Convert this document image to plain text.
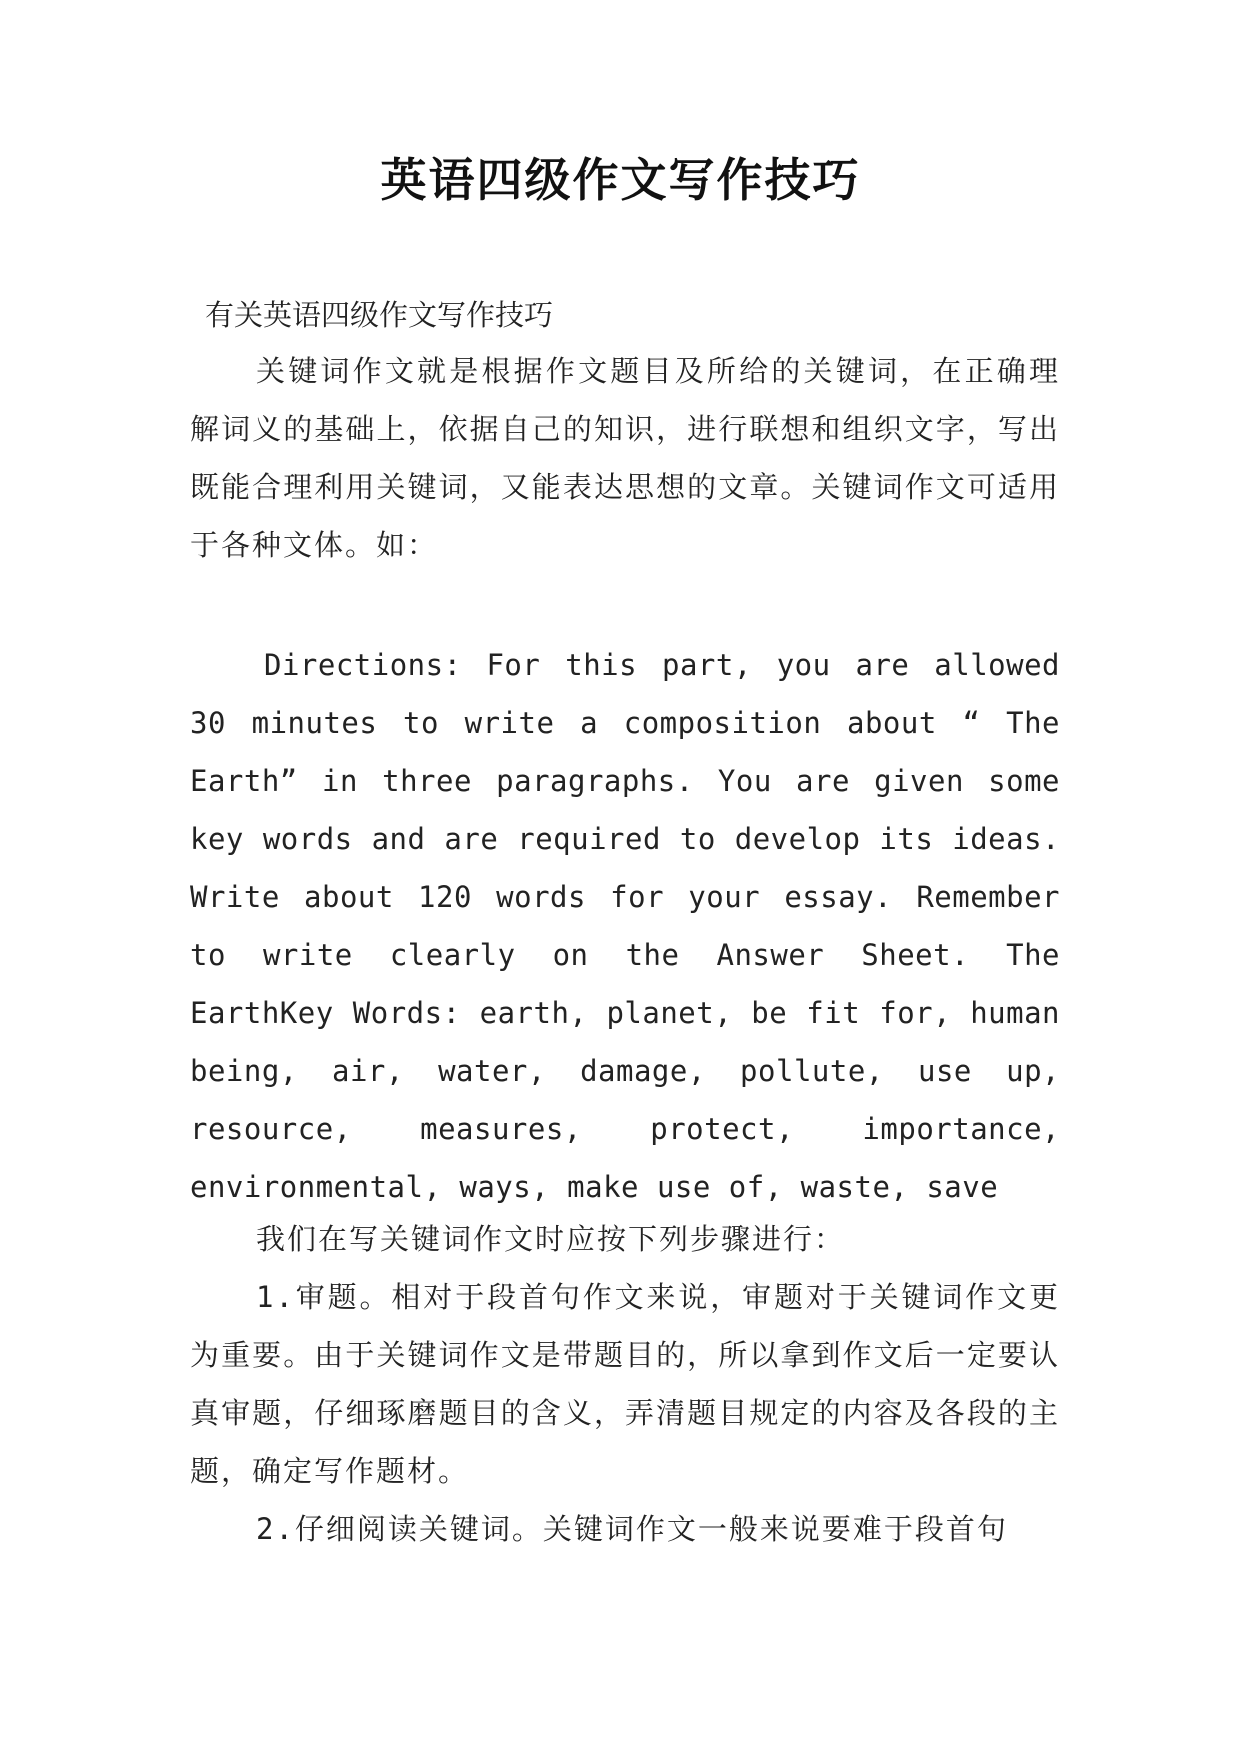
英语四级作文写作技巧
有关英语四级作文写作技巧
关键词作文就是根据作文题目及所给的关键词，在正确理解词义的基础上，依据自己的知识，进行联想和组织文字，写出既能合理利用关键词，又能表达思想的文章。关键词作文可适用于各种文体。如：
Directions: For this part, you are allowed 30 minutes to write a composition about “ The Earth” in three paragraphs. You are given some key words and are required to develop its ideas. Write about 120 words for your essay. Remember to write clearly on the Answer Sheet. The EarthKey Words: earth, planet, be fit for, human being, air, water, damage, pollute, use up, resource, measures, protect, importance, environmental, ways, make use of, waste, save
我们在写关键词作文时应按下列步骤进行：
1.审题。相对于段首句作文来说，审题对于关键词作文更为重要。由于关键词作文是带题目的，所以拿到作文后一定要认真审题，仔细琢磨题目的含义，弄清题目规定的内容及各段的主题，确定写作题材。
2.仔细阅读关键词。关键词作文一般来说要难于段首句
